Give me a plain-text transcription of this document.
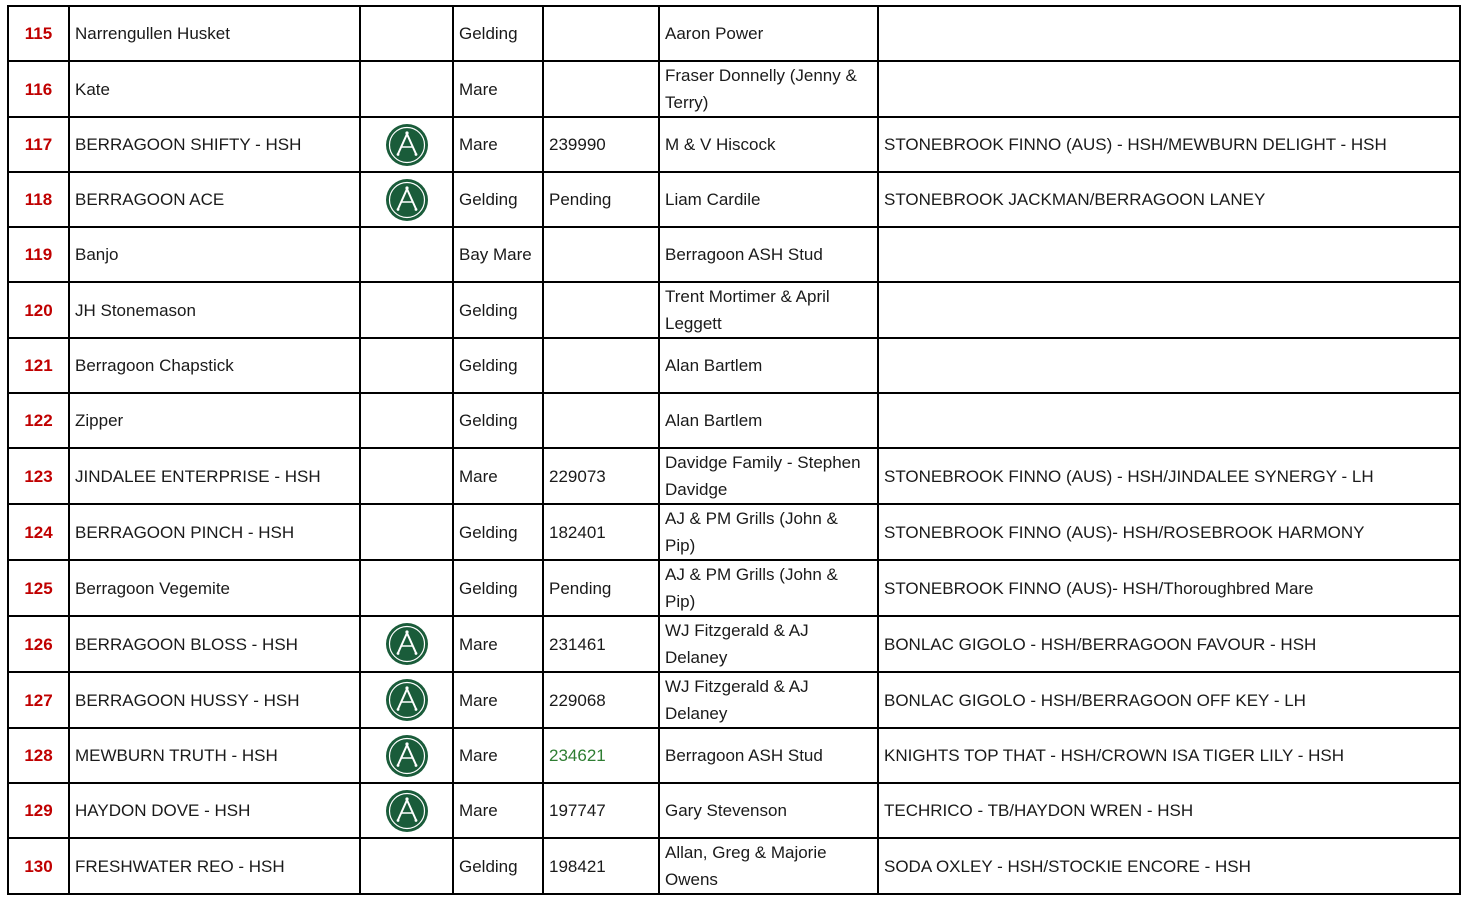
115	Narrengullen Husket		Gelding		Aaron Power	
116	Kate		Mare		Fraser Donnelly (Jenny & Terry)	
117	BERRAGOON SHIFTY - HSH		Mare	239990	M & V Hiscock	STONEBROOK FINNO (AUS) - HSH/MEWBURN DELIGHT - HSH
118	BERRAGOON ACE		Gelding	Pending	Liam Cardile	STONEBROOK JACKMAN/BERRAGOON LANEY
119	Banjo		Bay Mare		Berragoon ASH Stud	
120	JH Stonemason		Gelding		Trent Mortimer & April Leggett	
121	Berragoon Chapstick		Gelding		Alan Bartlem	
122	Zipper		Gelding		Alan Bartlem	
123	JINDALEE ENTERPRISE - HSH		Mare	229073	Davidge Family - Stephen Davidge	STONEBROOK FINNO (AUS) - HSH/JINDALEE SYNERGY - LH
124	BERRAGOON PINCH - HSH		Gelding	182401	AJ & PM Grills (John & Pip)	STONEBROOK FINNO (AUS)- HSH/ROSEBROOK HARMONY
125	Berragoon Vegemite		Gelding	Pending	AJ & PM Grills (John & Pip)	STONEBROOK FINNO (AUS)- HSH/Thoroughbred Mare
126	BERRAGOON BLOSS - HSH		Mare	231461	WJ Fitzgerald & AJ Delaney	BONLAC GIGOLO - HSH/BERRAGOON FAVOUR - HSH
127	BERRAGOON HUSSY - HSH		Mare	229068	WJ Fitzgerald & AJ Delaney	BONLAC GIGOLO - HSH/BERRAGOON OFF KEY - LH
128	MEWBURN TRUTH - HSH		Mare	234621	Berragoon ASH Stud	KNIGHTS TOP THAT - HSH/CROWN ISA TIGER LILY - HSH
129	HAYDON DOVE - HSH		Mare	197747	Gary Stevenson	TECHRICO - TB/HAYDON WREN - HSH
130	FRESHWATER REO - HSH		Gelding	198421	Allan, Greg & Majorie Owens	SODA OXLEY - HSH/STOCKIE ENCORE - HSH
